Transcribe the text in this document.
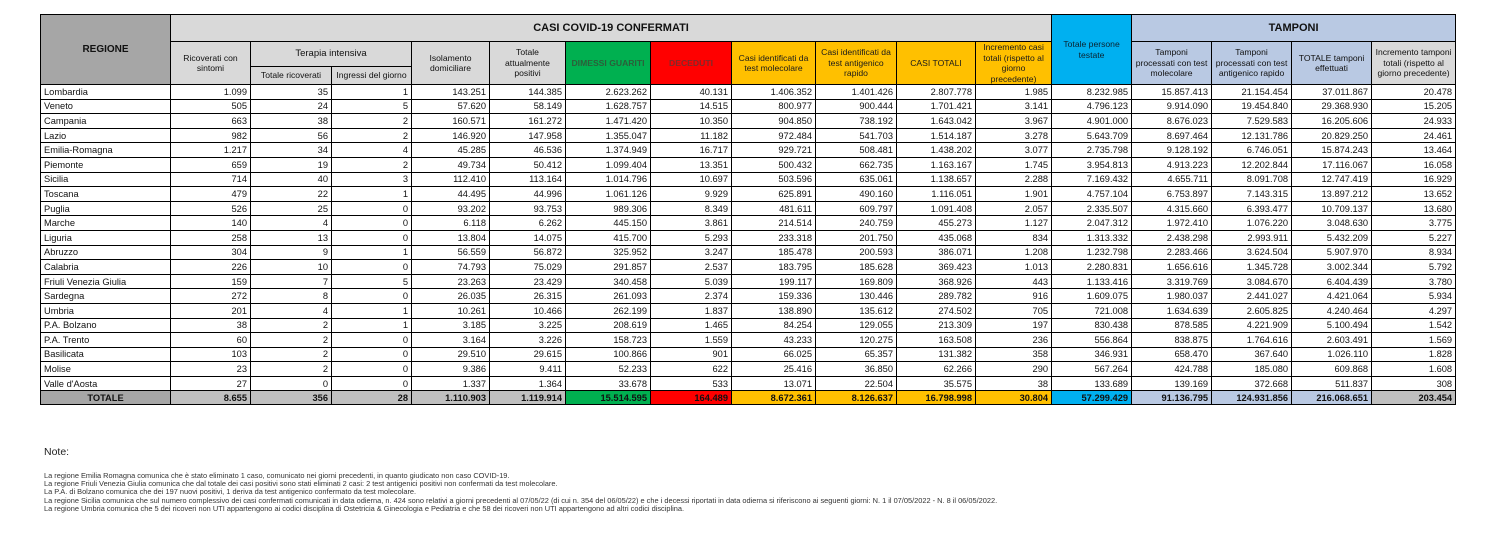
REGIONE	CASI COVID-19 CONFERMATI											Totale persone testate	TAMPONI			
	Ricoverati con sintomi	Terapia intensiva		Isolamento domiciliare	Totale attualmente positivi	DIMESSI GUARITI	DECEDUTI	Casi identificati da test molecolare	Casi identificati da test antigenico rapido	CASI TOTALI	Incremento casi totali (rispetto al giorno precedente)		Tamponi processati con test molecolare	Tamponi processati con test antigenico rapido	TOTALE tamponi effettuati	Incremento tamponi totali (rispetto al giorno precedente)
		Totale ricoverati	Ingressi del giorno													
Lombardia	1.099	35	1	143.251	144.385	2.623.262	40.131	1.406.352	1.401.426	2.807.778	1.985	8.232.985	15.857.413	21.154.454	37.011.867	20.478
Veneto	505	24	5	57.620	58.149	1.628.757	14.515	800.977	900.444	1.701.421	3.141	4.796.123	9.914.090	19.454.840	29.368.930	15.205
Campania	663	38	2	160.571	161.272	1.471.420	10.350	904.850	738.192	1.643.042	3.967	4.901.000	8.676.023	7.529.583	16.205.606	24.933
Lazio	982	56	2	146.920	147.958	1.355.047	11.182	972.484	541.703	1.514.187	3.278	5.643.709	8.697.464	12.131.786	20.829.250	24.461
Emilia-Romagna	1.217	34	4	45.285	46.536	1.374.949	16.717	929.721	508.481	1.438.202	3.077	2.735.798	9.128.192	6.746.051	15.874.243	13.464
Piemonte	659	19	2	49.734	50.412	1.099.404	13.351	500.432	662.735	1.163.167	1.745	3.954.813	4.913.223	12.202.844	17.116.067	16.058
Sicilia	714	40	3	112.410	113.164	1.014.796	10.697	503.596	635.061	1.138.657	2.288	7.169.432	4.655.711	8.091.708	12.747.419	16.929
Toscana	479	22	1	44.495	44.996	1.061.126	9.929	625.891	490.160	1.116.051	1.901	4.757.104	6.753.897	7.143.315	13.897.212	13.652
Puglia	526	25	0	93.202	93.753	989.306	8.349	481.611	609.797	1.091.408	2.057	2.335.507	4.315.660	6.393.477	10.709.137	13.680
Marche	140	4	0	6.118	6.262	445.150	3.861	214.514	240.759	455.273	1.127	2.047.312	1.972.410	1.076.220	3.048.630	3.775
Liguria	258	13	0	13.804	14.075	415.700	5.293	233.318	201.750	435.068	834	1.313.332	2.438.298	2.993.911	5.432.209	5.227
Abruzzo	304	9	1	56.559	56.872	325.952	3.247	185.478	200.593	386.071	1.208	1.232.798	2.283.466	3.624.504	5.907.970	8.934
Calabria	226	10	0	74.793	75.029	291.857	2.537	183.795	185.628	369.423	1.013	2.280.831	1.656.616	1.345.728	3.002.344	5.792
Friuli Venezia Giulia	159	7	5	23.263	23.429	340.458	5.039	199.117	169.809	368.926	443	1.133.416	3.319.769	3.084.670	6.404.439	3.780
Sardegna	272	8	0	26.035	26.315	261.093	2.374	159.336	130.446	289.782	916	1.609.075	1.980.037	2.441.027	4.421.064	5.934
Umbria	201	4	1	10.261	10.466	262.199	1.837	138.890	135.612	274.502	705	721.008	1.634.639	2.605.825	4.240.464	4.297
P.A. Bolzano	38	2	1	3.185	3.225	208.619	1.465	84.254	129.055	213.309	197	830.438	878.585	4.221.909	5.100.494	1.542
P.A. Trento	60	2	0	3.164	3.226	158.723	1.559	43.233	120.275	163.508	236	556.864	838.875	1.764.616	2.603.491	1.569
Basilicata	103	2	0	29.510	29.615	100.866	901	66.025	65.357	131.382	358	346.931	658.470	367.640	1.026.110	1.828
Molise	23	2	0	9.386	9.411	52.233	622	25.416	36.850	62.266	290	567.264	424.788	185.080	609.868	1.608
Valle d'Aosta	27	0	0	1.337	1.364	33.678	533	13.071	22.504	35.575	38	133.689	139.169	372.668	511.837	308
TOTALE	8.655	356	28	1.110.903	1.119.914	15.514.595	164.489	8.672.361	8.126.637	16.798.998	30.804	57.299.429	91.136.795	124.931.856	216.068.651	203.454
Note:
La regione Emilia Romagna comunica che è stato eliminato 1 caso, comunicato nei giorni precedenti, in quanto giudicato non caso COVID-19.
La regione Friuli Venezia Giulia comunica che dal totale dei casi positivi sono stati eliminati 2 casi: 2 test antigenici positivi non confermati da test molecolare.
La P.A. di Bolzano comunica che dei 197 nuovi positivi, 1 deriva da test antigenico confermato da test molecolare.
La regione Sicilia comunica che sul numero complessivo dei casi confermati comunicati in data odierna, n. 424 sono relativi a giorni precedenti al 07/05/22 (di cui n. 354 del 06/05/22) e che i decessi riportati in data odierna si riferiscono ai seguenti giorni: N. 1 il 07/05/2022 - N. 8 il 06/05/2022.
La regione Umbria comunica che 5 dei ricoveri non UTI appartengono ai codici disciplina di Ostetricia & Ginecologia e Pediatria e che 58 dei ricoveri non UTI appartengono ad altri codici disciplina.
